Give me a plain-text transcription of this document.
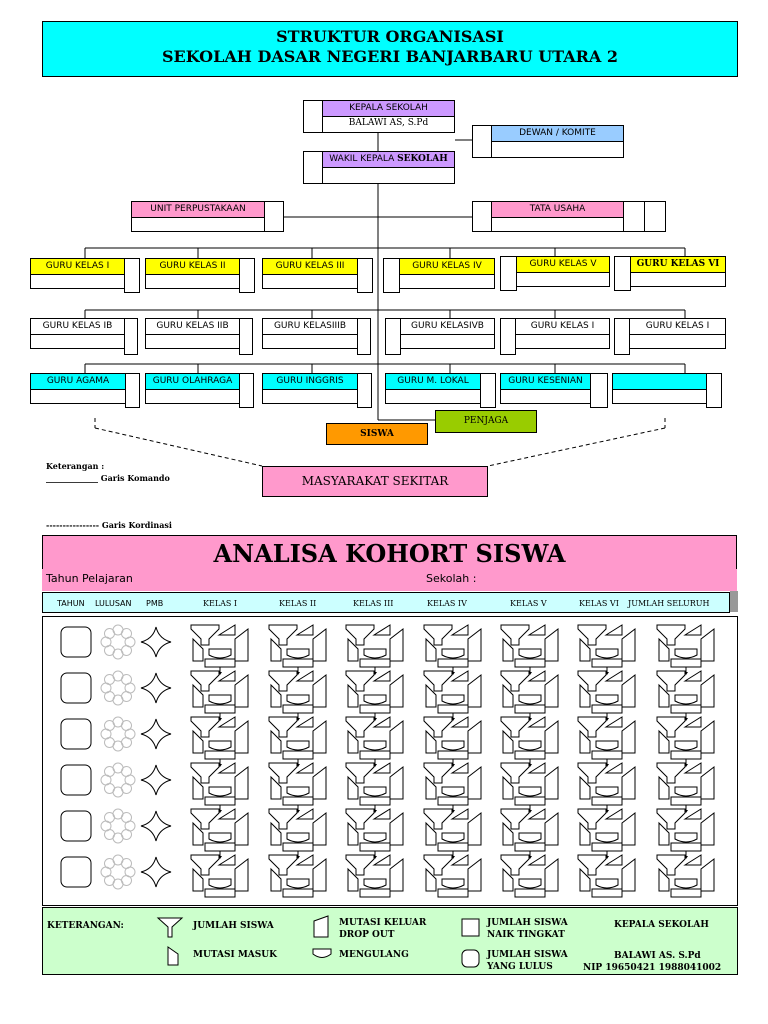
STRUKTUR ORGANISASI
SEKOLAH DASAR NEGERI BANJARBARU UTARA 2
KEPALA SEKOLAH
BALAWI AS, S.Pd
DEWAN / KOMITE
WAKIL KEPALA SEKOLAH
UNIT PERPUSTAKAAN	TATA USAHA
GURU KELAS I	GURU KELAS II	GURU KELAS III	GURU KELAS IV	GURU KELAS V	GURU KELAS VI
GURU KELAS IB	GURU KELAS IIB	GURU KELASIIIB	GURU KELASIVB	GURU KELAS I	GURU KELAS I
GURU AGAMA	GURU OLAHRAGA	GURU INGGRIS	GURU M. LOKAL	GURU KESENIAN
PENJAGA
SISWA
MASYARAKAT SEKITAR
Keterangan :
_____________ Garis Komando
---------------- Garis Kordinasi
ANALISA KOHORT SISWA
Tahun Pelajaran	Sekolah :
TAHUN LULUSAN PMB	KELAS I	KELAS II	KELAS III	KELAS IV	KELAS V	KELAS VI JUMLAH SELURUH
KETERANGAN:	JUMLAH SISWA
MUTASI MASUK
MUTASI KELUAR
DROP OUT
MENGULANG
JUMLAH SISWA
NAIK TINGKAT
JUMLAH SISWA
YANG LULUS
KEPALA SEKOLAH
BALAWI AS. S.Pd
NIP 19650421 1988041002
